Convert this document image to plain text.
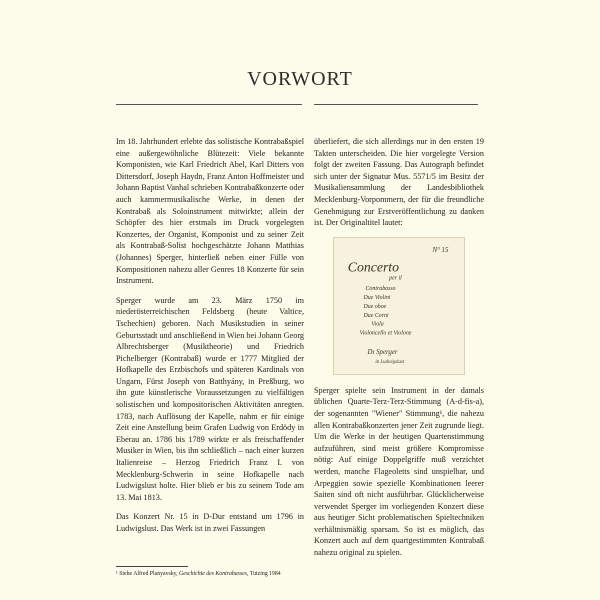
VORWORT

Im 18. Jahrhundert erlebte das solistische Kontrabaßspiel eine außergewöhnliche Blütezeit: Viele bekannte Komponisten, wie Karl Friedrich Abel, Karl Ditters von Dittersdorf, Joseph Haydn, Franz Anton Hoffmeister und Johann Baptist Vanhal schrieben Kontrabaßkonzerte oder auch kammermusikalische Werke, in denen der Kontrabaß als Soloinstrument mitwirkte; allein der Schöpfer des hier erstmals im Druck vorgelegten Konzertes, der Organist, Komponist und zu seiner Zeit als Kontrabaß-Solist hochgeschätzte Johann Matthias (Johannes) Sperger, hinterließ neben einer Fülle von Kompositionen nahezu aller Genres 18 Konzerte für sein Instrument.

Sperger wurde am 23. März 1750 im niederösterreichischen Feldsberg (heute Valtice, Tschechien) geboren. Nach Musikstudien in seiner Geburtsstadt und anschließend in Wien bei Johann Georg Albrechtsberger (Musiktheorie) und Friedrich Pichelberger (Kontrabaß) wurde er 1777 Mitglied der Hofkapelle des Erzbischofs und späteren Kardinals von Ungarn, Fürst Joseph von Batthyány, in Preßburg, wo ihn gute künstlerische Voraussetzungen zu vielfältigen solistischen und kompositorischen Aktivitäten anregten. 1783, nach Auflösung der Kapelle, nahm er für einige Zeit eine Anstellung beim Grafen Ludwig von Erdödy in Eberau an. 1786 bis 1789 wirkte er als freischaffender Musiker in Wien, bis ihn schließlich – nach einer kurzen Italienreise – Herzog Friedrich Franz I. von Mecklenburg-Schwerin in seine Hofkapelle nach Ludwigslust holte. Hier blieb er bis zu seinem Tode am 13. Mai 1813.

Das Konzert Nr. 15 in D-Dur entstand um 1796 in Ludwigslust. Das Werk ist in zwei Fassungen

überliefert, die sich allerdings nur in den ersten 19 Takten unterscheiden. Die hier vorgelegte Version folgt der zweiten Fassung. Das Autograph befindet sich unter der Signatur Mus. 5571/5 im Besitz der Musikaliensammlung der Landesbibliothek Mecklenburg-Vorpommern, der für die freundliche Genehmigung zur Erstveröffentlichung zu danken ist. Der Originaltitel lautet:

N° 15
Concerto
per il
Contrabasso
Due Violini
Due oboe
Due Corni
Viola
Violoncello et Violone
Dı Sperger
in Ludwigslust

Sperger spielte sein Instrument in der damals üblichen Quarte-Terz-Terz-Stimmung (A-d-fis-a), der sogenannten "Wiener" Stimmung¹, die nahezu allen Kontrabaßkonzerten jener Zeit zugrunde liegt. Um die Werke in der heutigen Quartenstimmung aufzuführen, sind meist größere Kompromisse nötig: Auf einige Doppelgriffe muß verzichtet werden, manche Flageoletts sind unspielbar, und Arpeggien sowie spezielle Kombinationen leerer Saiten sind oft nicht ausführbar. Glücklicherweise verwendet Sperger im vorliegenden Konzert diese aus heutiger Sicht problematischen Spieltechniken verhältnismäßig sparsam. So ist es möglich, das Konzert auch auf dem quartgestimmten Kontrabaß nahezu original zu spielen.

¹ Siehe Alfred Planyavsky, Geschichte des Kontrabasses, Tutzing 1984
